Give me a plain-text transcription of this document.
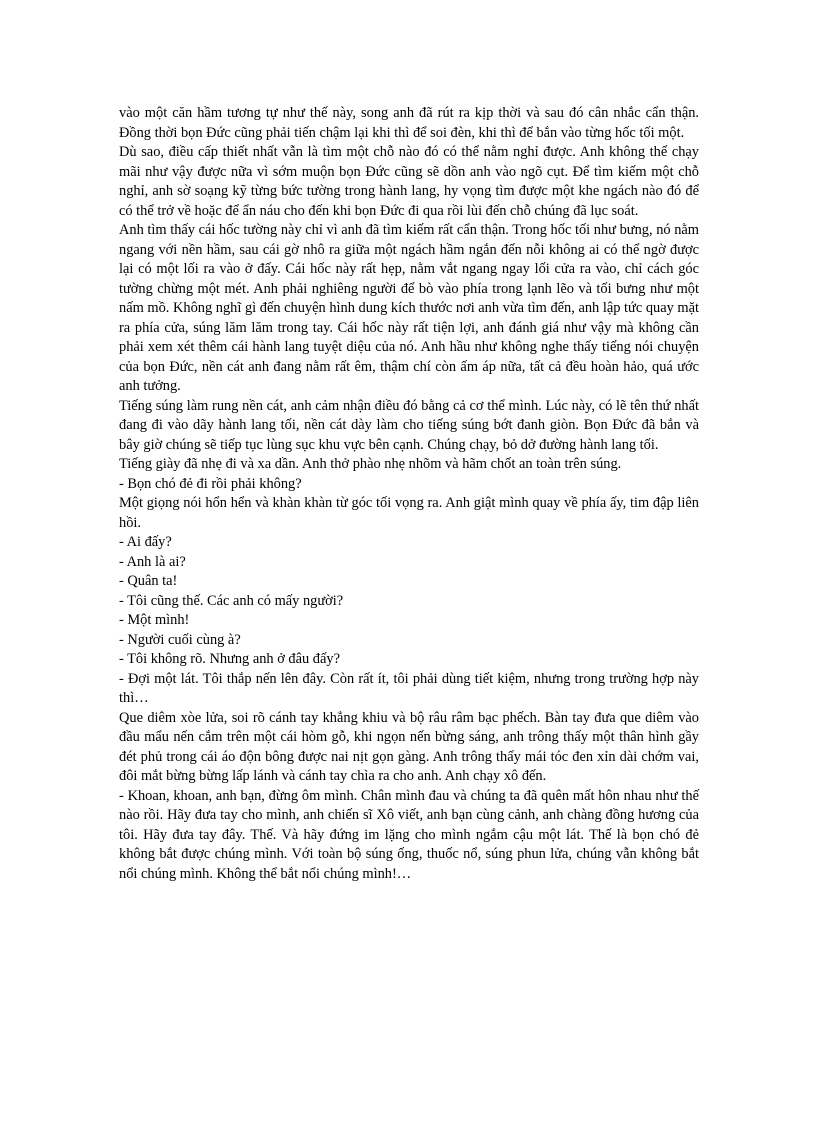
vào một căn hầm tương tự như thế này, song anh đã rút ra kịp thời và sau đó cân nhắc cẩn thận. Đồng thời bọn Đức cũng phải tiến chậm lại khi thì để soi đèn, khi thì để bắn vào từng hốc tối một.

Dù sao, điều cấp thiết nhất vẫn là tìm một chỗ nào đó có thể nằm nghỉ được. Anh không thể chạy mãi như vậy được nữa vì sớm muộn bọn Đức cũng sẽ dồn anh vào ngõ cụt. Để tìm kiếm một chỗ nghỉ, anh sờ soạng kỹ từng bức tường trong hành lang, hy vọng tìm được một khe ngách nào đó để có thể trở về hoặc để ẩn náu cho đến khi bọn Đức đi qua rồi lùi đến chỗ chúng đã lục soát.

Anh tìm thấy cái hốc tường này chỉ vì anh đã tìm kiếm rất cẩn thận. Trong hốc tối như bưng, nó nằm ngang với nền hầm, sau cái gờ nhô ra giữa một ngách hầm ngắn đến nỗi không ai có thể ngờ được lại có một lối ra vào ở đấy. Cái hốc này rất hẹp, nằm vắt ngang ngay lối cửa ra vào, chỉ cách góc tường chừng một mét. Anh phải nghiêng người để bò vào phía trong lạnh lẽo và tối bưng như một nấm mồ. Không nghĩ gì đến chuyện hình dung kích thước nơi anh vừa tìm đến, anh lập tức quay mặt ra phía cửa, súng lăm lăm trong tay. Cái hốc này rất tiện lợi, anh đánh giá như vậy mà không cần phải xem xét thêm cái hành lang tuyệt diệu của nó. Anh hầu như không nghe thấy tiếng nói chuyện của bọn Đức, nền cát anh đang nằm rất êm, thậm chí còn ấm áp nữa, tất cả đều hoàn hảo, quá ước anh tưởng.

Tiếng súng làm rung nền cát, anh cảm nhận điều đó bằng cả cơ thể mình. Lúc này, có lẽ tên thứ nhất đang đi vào dãy hành lang tối, nền cát dày làm cho tiếng súng bớt đanh giòn. Bọn Đức đã bắn và bây giờ chúng sẽ tiếp tục lùng sục khu vực bên cạnh. Chúng chạy, bỏ dở đường hành lang tối.

Tiếng giày đã nhẹ đi và xa dần. Anh thở phào nhẹ nhõm và hãm chốt an toàn trên súng.

- Bọn chó đẻ đi rồi phải không?

Một giọng nói hổn hển và khàn khàn từ góc tối vọng ra. Anh giật mình quay về phía ấy, tim đập liên hồi.

- Ai đấy?

- Anh là ai?

- Quân ta!

- Tôi cũng thế. Các anh có mấy người?

- Một mình!

- Người cuối cùng à?

- Tôi không rõ. Nhưng anh ở đâu đấy?

- Đợi một lát. Tôi thắp nến lên đây. Còn rất ít, tôi phải dùng tiết kiệm, nhưng trong trường hợp này thì…

Que diêm xòe lửa, soi rõ cánh tay khẳng khiu và bộ râu râm bạc phếch. Bàn tay đưa que diêm vào đầu mẩu nến cắm trên một cái hòm gỗ, khi ngọn nến bừng sáng, anh trông thấy một thân hình gầy đét phủ trong cái áo độn bông được nai nịt gọn gàng. Anh trông thấy mái tóc đen xỉn dài chớm vai, đôi mắt bừng bừng lấp lánh và cánh tay chìa ra cho anh. Anh chạy xô đến.

- Khoan, khoan, anh bạn, đừng ôm mình. Chân mình đau và chúng ta đã quên mất hôn nhau như thế nào rồi. Hãy đưa tay cho mình, anh chiến sĩ Xô viết, anh bạn cùng cảnh, anh chàng đồng hương của tôi. Hãy đưa tay đây. Thế. Và hãy đứng im lặng cho mình ngắm cậu một lát. Thế là bọn chó đẻ không bắt được chúng mình. Với toàn bộ súng ống, thuốc nổ, súng phun lửa, chúng vẫn không bắt nổi chúng mình. Không thể bắt nổi chúng mình!…
